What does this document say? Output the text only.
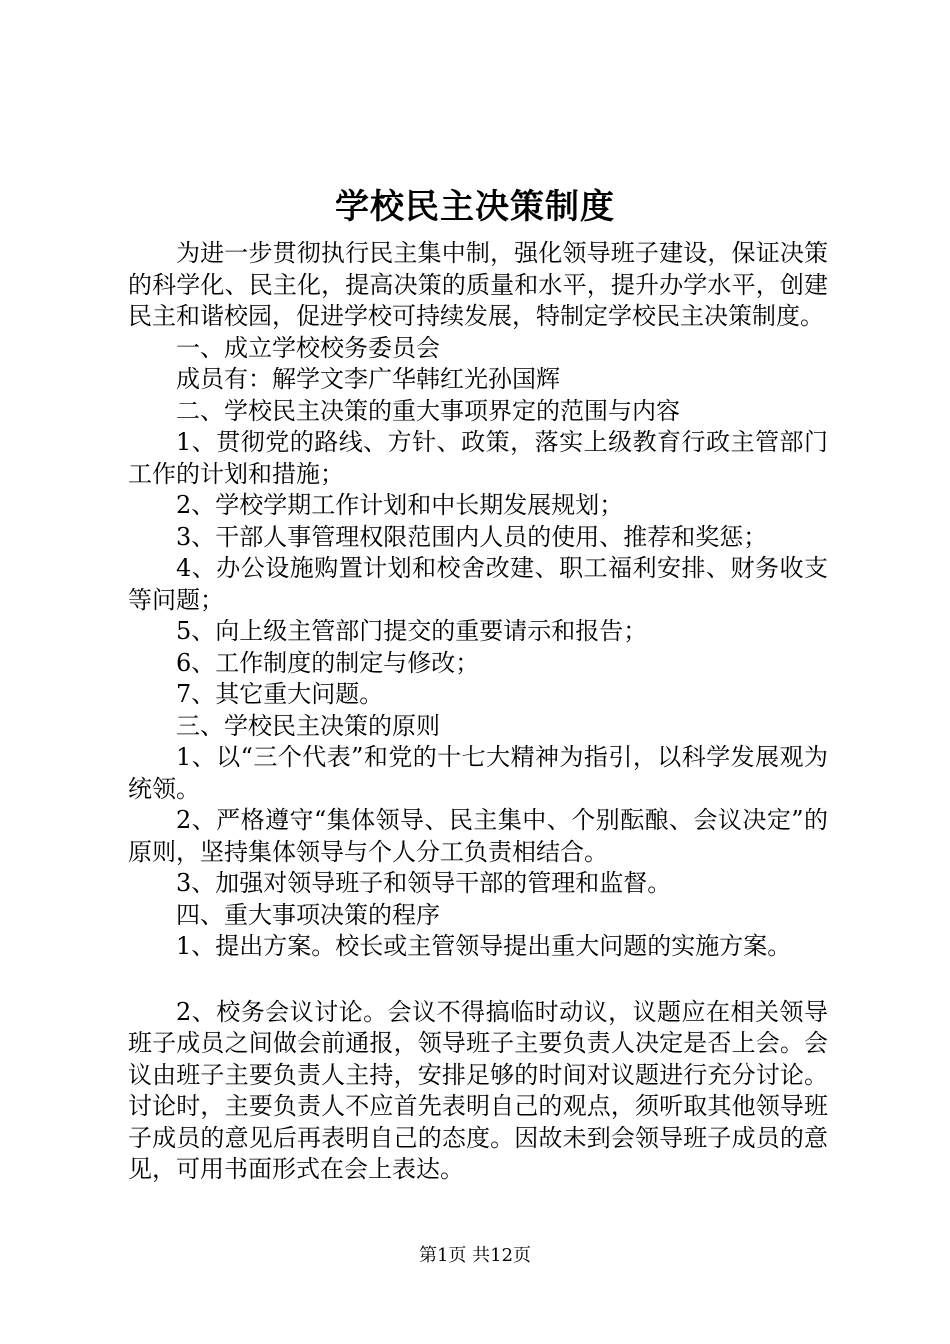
学校民主决策制度

为进一步贯彻执行民主集中制，强化领导班子建设，保证决策的科学化、民主化，提高决策的质量和水平，提升办学水平，创建民主和谐校园，促进学校可持续发展，特制定学校民主决策制度。

一、成立学校校务委员会

成员有：解学文李广华韩红光孙国辉

二、学校民主决策的重大事项界定的范围与内容

1、贯彻党的路线、方针、政策，落实上级教育行政主管部门工作的计划和措施；

2、学校学期工作计划和中长期发展规划；

3、干部人事管理权限范围内人员的使用、推荐和奖惩；

4、办公设施购置计划和校舍改建、职工福利安排、财务收支等问题；

5、向上级主管部门提交的重要请示和报告；

6、工作制度的制定与修改；

7、其它重大问题。

三、学校民主决策的原则

1、以“三个代表”和党的十七大精神为指引，以科学发展观为统领。

2、严格遵守“集体领导、民主集中、个别酝酿、会议决定”的原则，坚持集体领导与个人分工负责相结合。

3、加强对领导班子和领导干部的管理和监督。

四、重大事项决策的程序

1、提出方案。校长或主管领导提出重大问题的实施方案。

2、校务会议讨论。会议不得搞临时动议，议题应在相关领导班子成员之间做会前通报，领导班子主要负责人决定是否上会。会议由班子主要负责人主持，安排足够的时间对议题进行充分讨论。讨论时，主要负责人不应首先表明自己的观点，须听取其他领导班子成员的意见后再表明自己的态度。因故未到会领导班子成员的意见，可用书面形式在会上表达。

第1页 共12页
